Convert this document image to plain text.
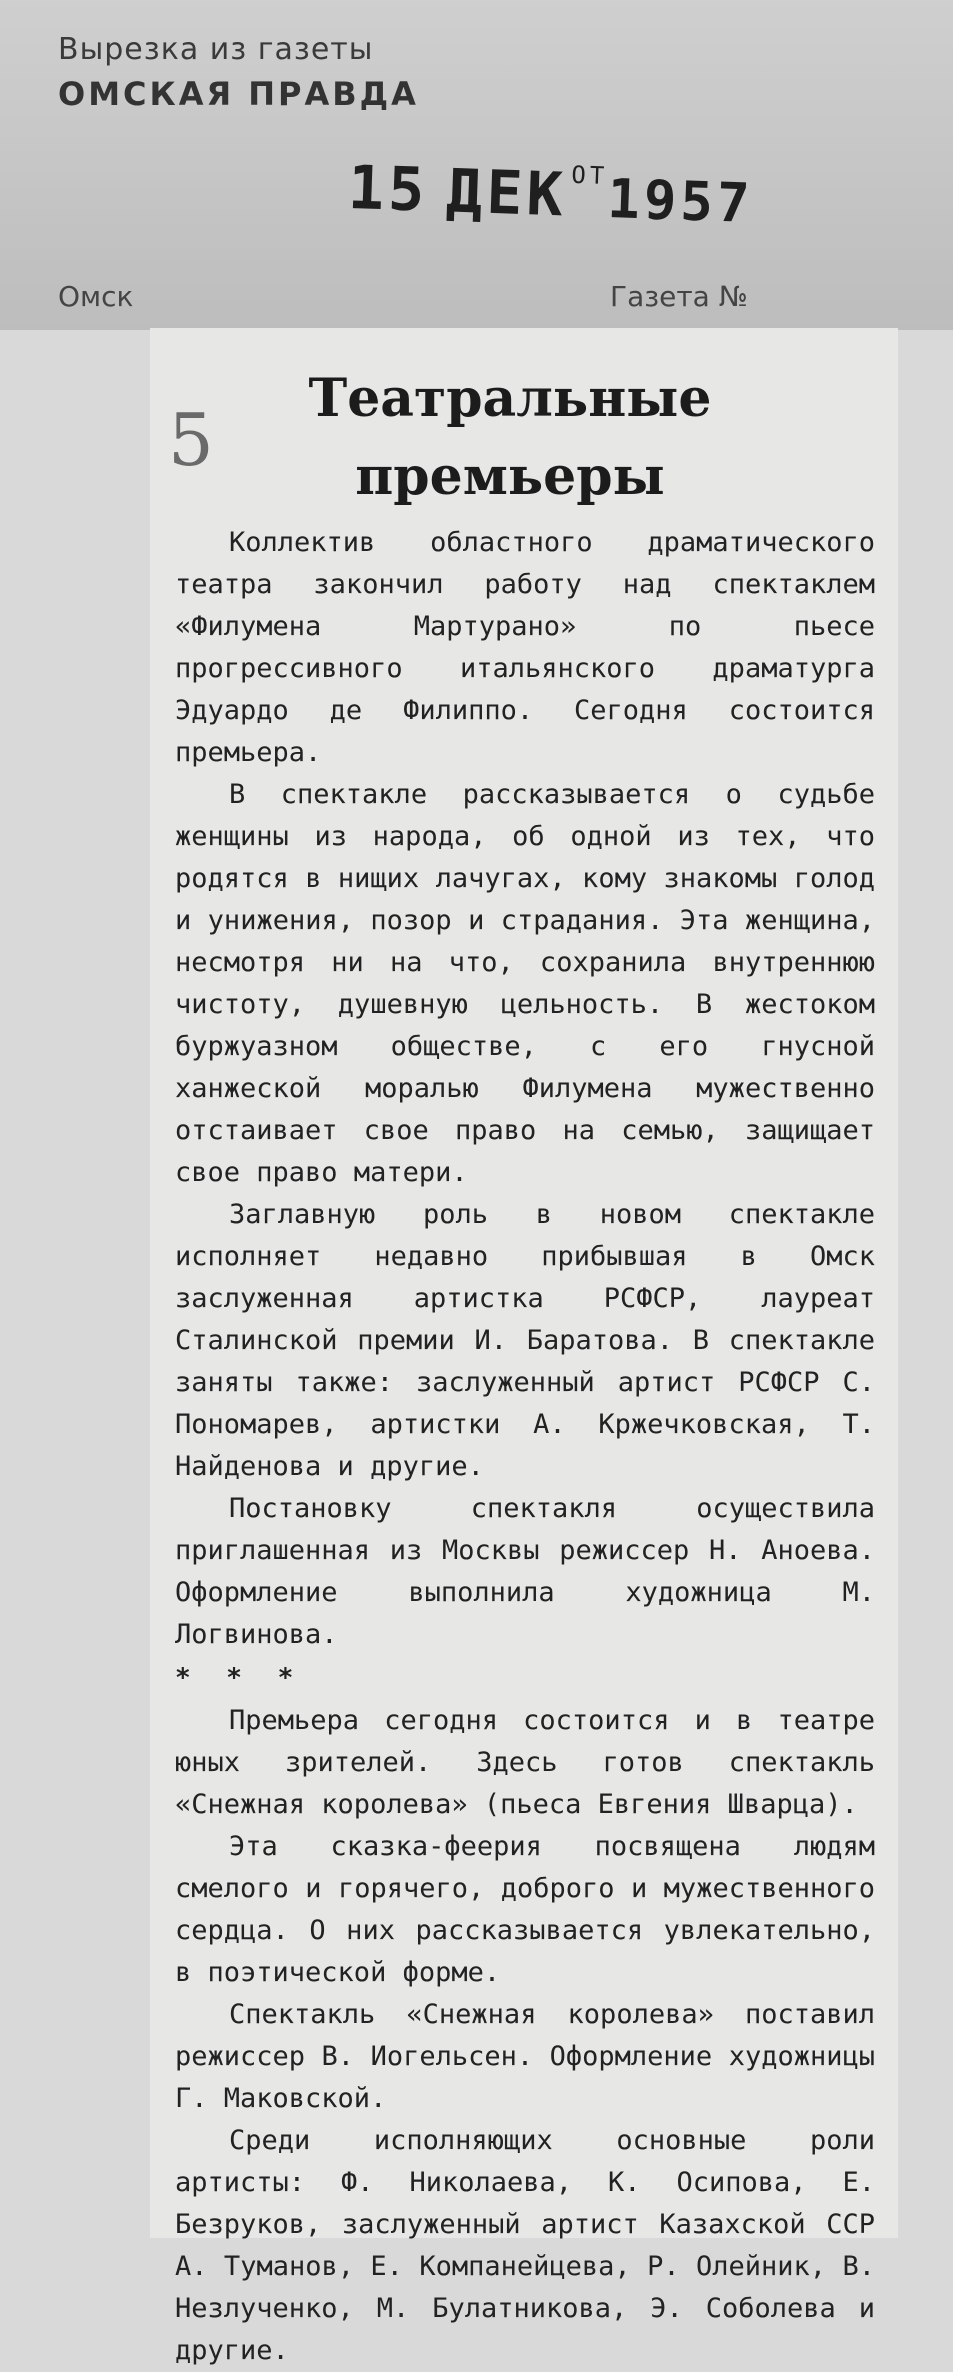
Вырезка из газеты

ОМСКАЯ ПРАВДА

15 ДЕК $^{ОТ}$1957

Омск	Газета №

5	Театральные
премьеры

Коллектив областного драматического театра закончил работу над спектаклем «Филумена Мартурано» по пьесе прогрессивного итальянского драматурга Эдуардо де Филиппо. Сегодня состоится премьера.

В спектакле рассказывается о судьбе женщины из народа, об одной из тех, что родятся в нищих лачугах, кому знакомы голод и унижения, позор и страдания. Эта женщина, несмотря ни на что, сохранила внутреннюю чистоту, душевную цельность. В жестоком буржуазном обществе, с его гнусной ханжеской моралью Филумена мужественно отстаивает свое право на семью, защищает свое право матери.

Заглавную роль в новом спектакле исполняет недавно прибывшая в Омск заслуженная артистка РСФСР, лауреат Сталинской премии И. Баратова. В спектакле заняты также: заслуженный артист РСФСР С. Пономарев, артистки А. Кржечковская, Т. Найденова и другие.

Постановку спектакля осуществила приглашенная из Москвы режиссер Н. Аноева. Оформление выполнила художница М. Логвинова.

* * *

Премьера сегодня состоится и в театре юных зрителей. Здесь готов спектакль «Снежная королева» (пьеса Евгения Шварца).

Эта сказка-феерия посвящена людям смелого и горячего, доброго и мужественного сердца. О них рассказывается увлекательно, в поэтической форме.

Спектакль «Снежная королева» поставил режиссер В. Иогельсен. Оформление художницы Г. Маковской.

Среди исполняющих основные роли артисты: Ф. Николаева, К. Осипова, Е. Безруков, заслуженный артист Казахской ССР А. Туманов, Е. Компанейцева, Р. Олейник, В. Незлученко, М. Булатникова, Э. Соболева и другие.
